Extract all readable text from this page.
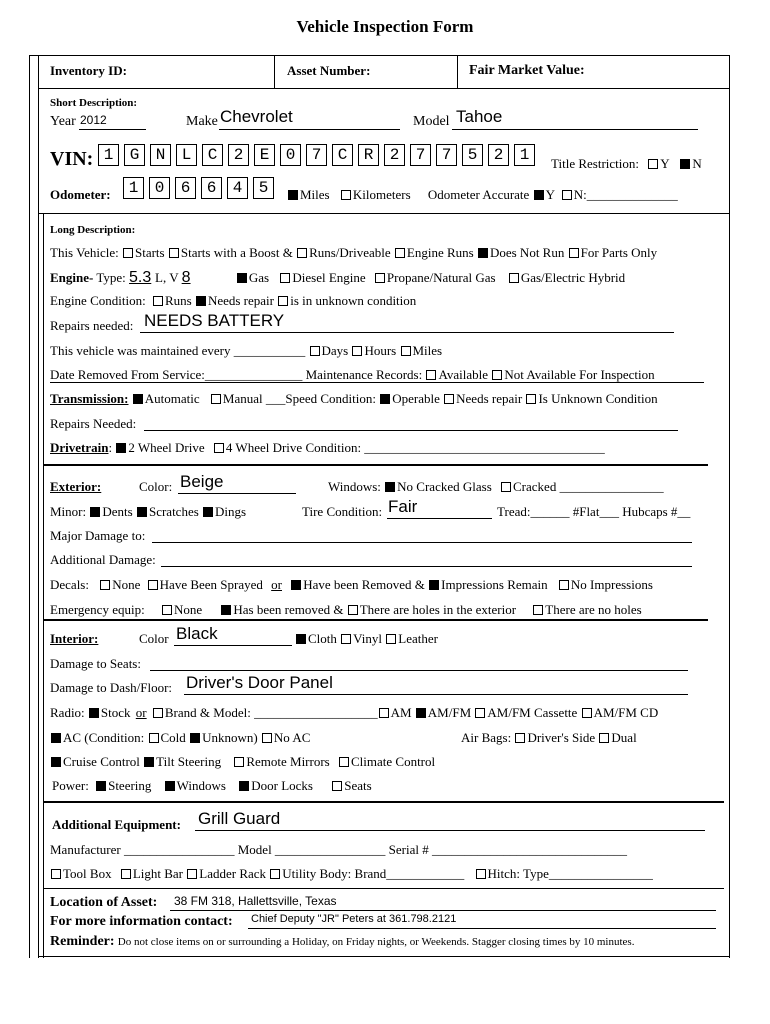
Vehicle Inspection Form
Inventory ID:	Asset Number:	Fair Market Value:
Short Description:
Year 2012	Make Chevrolet	Model Tahoe
VIN: 1	G	N	L	C	2	E	0	7	C	R	2	7	7	5	2	1	Title Restriction: Y N
Odometer:	1	0	6	6	4	5	Miles Kilometers Odometer Accurate Y N:______________
Long Description:
This Vehicle: Starts Starts with a Boost & Runs/Driveable Engine Runs Does Not Run For Parts Only
Engine- Type: 5.3 L, V 8	Gas Diesel Engine Propane/Natural Gas Gas/Electric Hybrid
Engine Condition: Runs Needs repair is in unknown condition
Repairs needed: NEEDS BATTERY
This vehicle was maintained every ___________ Days Hours Miles
Date Removed From Service:_______________ Maintenance Records: Available Not Available For Inspection
Transmission: Automatic Manual ___Speed Condition: Operable Needs repair Is Unknown Condition
Repairs Needed:
Drivetrain: 2 Wheel Drive 4 Wheel Drive Condition: _____________________________________
Exterior:	Color: Beige	Windows: No Cracked Glass Cracked ________________
Minor: Dents Scratches Dings	Tire Condition: Fair	Tread:______ #Flat___ Hubcaps #__
Major Damage to:
Additional Damage:
Decals: None Have Been Sprayed or Have been Removed & Impressions Remain No Impressions
Emergency equip: None Has been removed & There are holes in the exterior There are no holes
Interior:	Color Black	Cloth Vinyl Leather
Damage to Seats:
Damage to Dash/Floor: Driver's Door Panel
Radio: Stock or Brand & Model: ___________________ AM AM/FM AM/FM Cassette AM/FM CD
AC (Condition: Cold Unknown) No AC	Air Bags: Driver's Side Dual
Cruise Control Tilt Steering Remote Mirrors Climate Control
Power: Steering Windows Door Locks Seats
Additional Equipment: Grill Guard
Manufacturer _________________ Model _________________ Serial # ______________________________
Tool Box Light Bar Ladder Rack Utility Body: Brand____________ Hitch: Type________________
Location of Asset: 38 FM 318, Hallettsville, Texas
For more information contact: Chief Deputy "JR" Peters at 361.798.2121
Reminder: Do not close items on or surrounding a Holiday, on Friday nights, or Weekends. Stagger closing times by 10 minutes.
